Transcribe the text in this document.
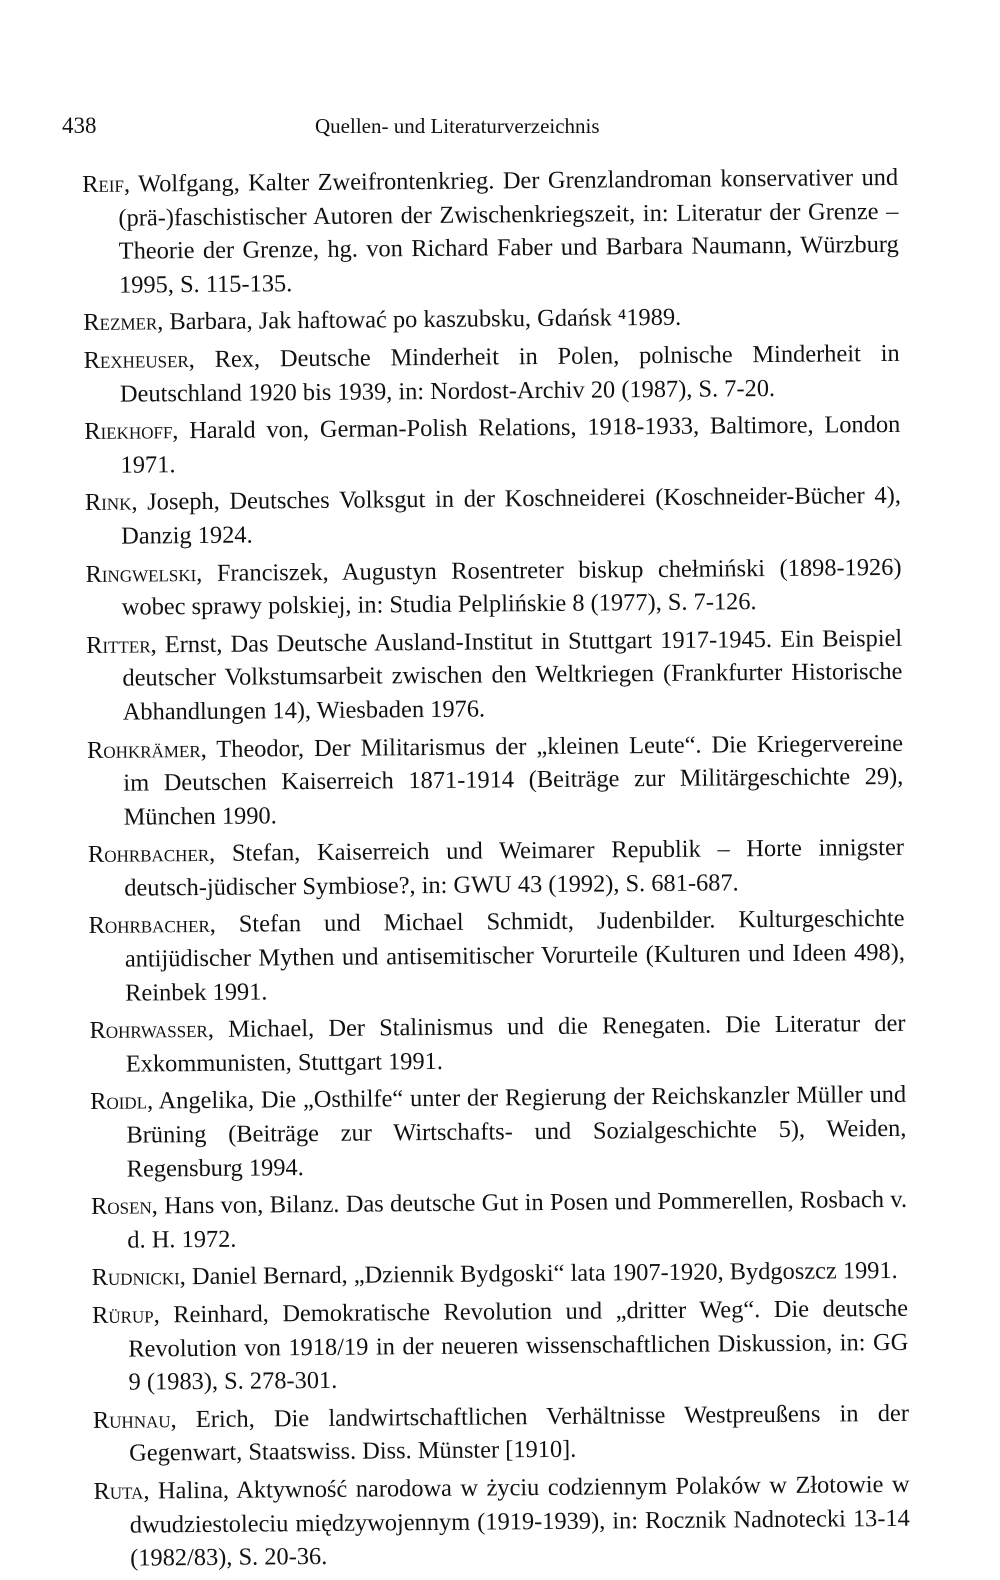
438	Quellen- und Literaturverzeichnis

Reif, Wolfgang, Kalter Zweifrontenkrieg. Der Grenzlandroman konservativer und (prä-)faschistischer Autoren der Zwischenkriegszeit, in: Literatur der Grenze – Theorie der Grenze, hg. von Richard Faber und Barbara Naumann, Würzburg 1995, S. 115-135.

Rezmer, Barbara, Jak haftować po kaszubsku, Gdańsk ⁴1989.

Rexheuser, Rex, Deutsche Minderheit in Polen, polnische Minderheit in Deutschland 1920 bis 1939, in: Nordost-Archiv 20 (1987), S. 7-20.

Riekhoff, Harald von, German-Polish Relations, 1918-1933, Baltimore, London 1971.

Rink, Joseph, Deutsches Volksgut in der Koschneiderei (Koschneider-Bücher 4), Danzig 1924.

Ringwelski, Franciszek, Augustyn Rosentreter biskup chełmiński (1898-1926) wobec sprawy polskiej, in: Studia Pelplińskie 8 (1977), S. 7-126.

Ritter, Ernst, Das Deutsche Ausland-Institut in Stuttgart 1917-1945. Ein Beispiel deutscher Volkstumsarbeit zwischen den Weltkriegen (Frankfurter Historische Abhandlungen 14), Wiesbaden 1976.

Rohkrämer, Theodor, Der Militarismus der „kleinen Leute“. Die Kriegervereine im Deutschen Kaiserreich 1871-1914 (Beiträge zur Militärgeschichte 29), München 1990.

Rohrbacher, Stefan, Kaiserreich und Weimarer Republik – Horte innigster deutsch-jüdischer Symbiose?, in: GWU 43 (1992), S. 681-687.

Rohrbacher, Stefan und Michael Schmidt, Judenbilder. Kulturgeschichte antijüdischer Mythen und antisemitischer Vorurteile (Kulturen und Ideen 498), Reinbek 1991.

Rohrwasser, Michael, Der Stalinismus und die Renegaten. Die Literatur der Exkommunisten, Stuttgart 1991.

Roidl, Angelika, Die „Osthilfe“ unter der Regierung der Reichskanzler Müller und Brüning (Beiträge zur Wirtschafts- und Sozialgeschichte 5), Weiden, Regensburg 1994.

Rosen, Hans von, Bilanz. Das deutsche Gut in Posen und Pommerellen, Rosbach v. d. H. 1972.

Rudnicki, Daniel Bernard, „Dziennik Bydgoski“ lata 1907-1920, Bydgoszcz 1991.

Rürup, Reinhard, Demokratische Revolution und „dritter Weg“. Die deutsche Revolution von 1918/19 in der neueren wissenschaftlichen Diskussion, in: GG 9 (1983), S. 278-301.

Ruhnau, Erich, Die landwirtschaftlichen Verhältnisse Westpreußens in der Gegenwart, Staatswiss. Diss. Münster [1910].

Ruta, Halina, Aktywność narodowa w życiu codziennym Polaków w Złotowie w dwudziestoleciu międzywojennym (1919-1939), in: Rocznik Nadnotecki 13-14 (1982/83), S. 20-36.
